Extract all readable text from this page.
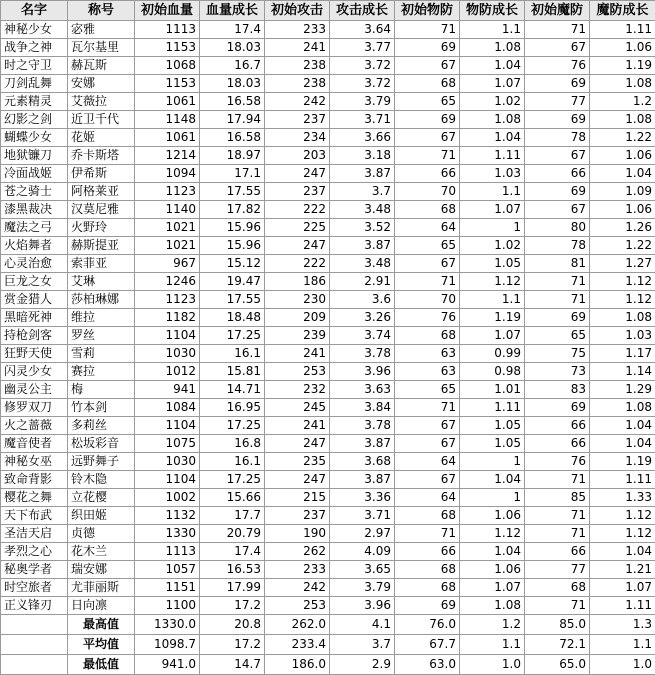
名字	称号	初始血量	血量成长	初始攻击	攻击成长	初始物防	物防成长	初始魔防	魔防成长
神秘少女	宓雅	1113	17.4	233	3.64	71	1.1	71	1.11
战争之神	瓦尔基里	1153	18.03	241	3.77	69	1.08	67	1.06
时之守卫	赫瓦斯	1068	16.7	238	3.72	67	1.04	76	1.19
刀剑乱舞	安娜	1153	18.03	238	3.72	68	1.07	69	1.08
元素精灵	艾薇拉	1061	16.58	242	3.79	65	1.02	77	1.2
幻影之剑	近卫千代	1148	17.94	237	3.71	69	1.08	69	1.08
蝴蝶少女	花姬	1061	16.58	234	3.66	67	1.04	78	1.22
地狱镰刀	乔卡斯塔	1214	18.97	203	3.18	71	1.11	67	1.06
冷面战姬	伊希斯	1094	17.1	247	3.87	66	1.03	66	1.04
苍之骑士	阿格莱亚	1123	17.55	237	3.7	70	1.1	69	1.09
漆黑裁决	汉莫尼雅	1140	17.82	222	3.48	68	1.07	67	1.06
魔法之弓	火野玲	1021	15.96	225	3.52	64	1	80	1.26
火焰舞者	赫斯提亚	1021	15.96	247	3.87	65	1.02	78	1.22
心灵治愈	索菲亚	967	15.12	222	3.48	67	1.05	81	1.27
巨龙之女	艾琳	1246	19.47	186	2.91	71	1.12	71	1.12
赏金猎人	莎柏琳娜	1123	17.55	230	3.6	70	1.1	71	1.12
黑暗死神	维拉	1182	18.48	209	3.26	76	1.19	69	1.08
持枪剑客	罗丝	1104	17.25	239	3.74	68	1.07	65	1.03
狂野天使	雪莉	1030	16.1	241	3.78	63	0.99	75	1.17
闪灵少女	赛拉	1012	15.81	253	3.96	63	0.98	73	1.14
幽灵公主	梅	941	14.71	232	3.63	65	1.01	83	1.29
修罗双刀	竹本剑	1084	16.95	245	3.84	71	1.11	69	1.08
火之蔷薇	多莉丝	1104	17.25	241	3.78	67	1.05	66	1.04
魔音使者	松坂彩音	1075	16.8	247	3.87	67	1.05	66	1.04
神秘女巫	远野舞子	1030	16.1	235	3.68	64	1	76	1.19
致命背影	铃木隐	1104	17.25	247	3.87	67	1.04	71	1.11
樱花之舞	立花樱	1002	15.66	215	3.36	64	1	85	1.33
天下布武	织田姬	1132	17.7	237	3.71	68	1.06	71	1.12
圣洁天启	贞德	1330	20.79	190	2.97	71	1.12	71	1.12
孝烈之心	花木兰	1113	17.4	262	4.09	66	1.04	66	1.04
秘奥学者	瑞安娜	1057	16.53	233	3.65	68	1.06	77	1.21
时空旅者	尤菲丽斯	1151	17.99	242	3.79	68	1.07	68	1.07
正义锋刃	日向凛	1100	17.2	253	3.96	69	1.08	71	1.11
	最高值	1330.0	20.8	262.0	4.1	76.0	1.2	85.0	1.3
	平均值	1098.7	17.2	233.4	3.7	67.7	1.1	72.1	1.1
	最低值	941.0	14.7	186.0	2.9	63.0	1.0	65.0	1.0
